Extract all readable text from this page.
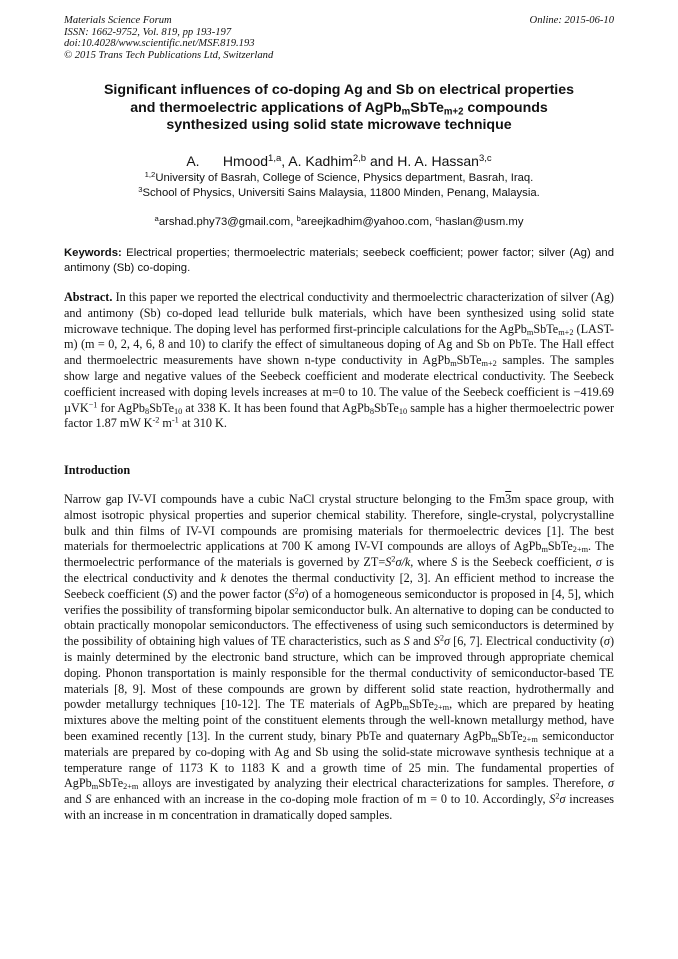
Materials Science Forum
ISSN: 1662-9752, Vol. 819, pp 193-197
doi:10.4028/www.scientific.net/MSF.819.193
© 2015 Trans Tech Publications Ltd, Switzerland
Online: 2015-06-10
Significant influences of co-doping Ag and Sb on electrical properties
and thermoelectric applications of AgPb$_m$SbTe$_{m+2}$ compounds
synthesized using solid state microwave technique
A.      Hmood$^{1,a}$, A. Kadhim$^{2,b}$ and H. A. Hassan$^{3,c}$
$^{1,2}$University of Basrah, College of Science, Physics department, Basrah, Iraq.
$^3$School of Physics, Universiti Sains Malaysia, 11800 Minden, Penang, Malaysia.
$^a$arshad.phy73@gmail.com, $^b$areejkadhim@yahoo.com, $^c$haslan@usm.my
Keywords: Electrical properties; thermoelectric materials; seebeck coefficient; power factor; silver (Ag) and antimony (Sb) co-doping.
Abstract. In this paper we reported the electrical conductivity and thermoelectric characterization of silver (Ag) and antimony (Sb) co-doped lead telluride bulk materials, which have been synthesized using solid state microwave technique. The doping level has performed first-principle calculations for the AgPb$_m$SbTe$_{m+2}$ (LAST-m) (m = 0, 2, 4, 6, 8 and 10) to clarify the effect of simultaneous doping of Ag and Sb on PbTe. The Hall effect and thermoelectric measurements have shown n-type conductivity in AgPb$_m$SbTe$_{m+2}$ samples. The samples show large and negative values of the Seebeck coefficient and moderate electrical conductivity. The Seebeck coefficient increased with doping levels increases at m=0 to 10. The value of the Seebeck coefficient is −419.69 µVK$^{-1}$ for AgPb$_8$SbTe$_{10}$ at 338 K. It has been found that AgPb$_8$SbTe$_{10}$ sample has a higher thermoelectric power factor 1.87 mW $K^{-2}$ $m^{-1}$ at 310 K.
Introduction
Narrow gap IV-VI compounds have a cubic NaCl crystal structure belonging to the Fm3m space group, with almost isotropic physical properties and superior chemical stability. Therefore, single-crystal, polycrystalline bulk and thin films of IV-VI compounds are promising materials for thermoelectric devices [1]. The best materials for thermoelectric applications at 700 K among IV-VI compounds are alloys of AgPb$_m$SbTe$_{2+m}$. The thermoelectric performance of the materials is governed by $ZT=S^2\sigma/k$, where S is the Seebeck coefficient, σ is the electrical conductivity and k denotes the thermal conductivity [2, 3]. An efficient method to increase the Seebeck coefficient (S) and the power factor $(S^2\sigma)$ of a homogeneous semiconductor is proposed in [4, 5], which verifies the possibility of transforming bipolar semiconductor bulk. An alternative to doping can be conducted to obtain practically monopolar semiconductors. The effectiveness of using such semiconductors is determined by the possibility of obtaining high values of TE characteristics, such as S and $S^2\sigma$ [6, 7]. Electrical conductivity (σ) is mainly determined by the electronic band structure, which can be improved through appropriate chemical doping. Phonon transportation is mainly responsible for the thermal conductivity of semiconductor-based TE materials [8, 9]. Most of these compounds are grown by different solid state reaction, hydrothermally and powder metallurgy techniques [10-12]. The TE materials of AgPb$_m$SbTe$_{2+m}$, which are prepared by heating mixtures above the melting point of the constituent elements through the well-known metallurgy method, have been examined recently [13]. In the current study, binary PbTe and quaternary AgPb$_m$SbTe$_{2+m}$ semiconductor materials are prepared by co-doping with Ag and Sb using the solid-state microwave synthesis technique at a temperature range of 1173 K to 1183 K and a growth time of 25 min. The fundamental properties of AgPb$_m$SbTe$_{2+m}$ alloys are investigated by analyzing their electrical characterizations for samples. Therefore, σ and S are enhanced with an increase in the co-doping mole fraction of m = 0 to 10. Accordingly, $S^2\sigma$ increases with an increase in m concentration in dramatically doped samples.
